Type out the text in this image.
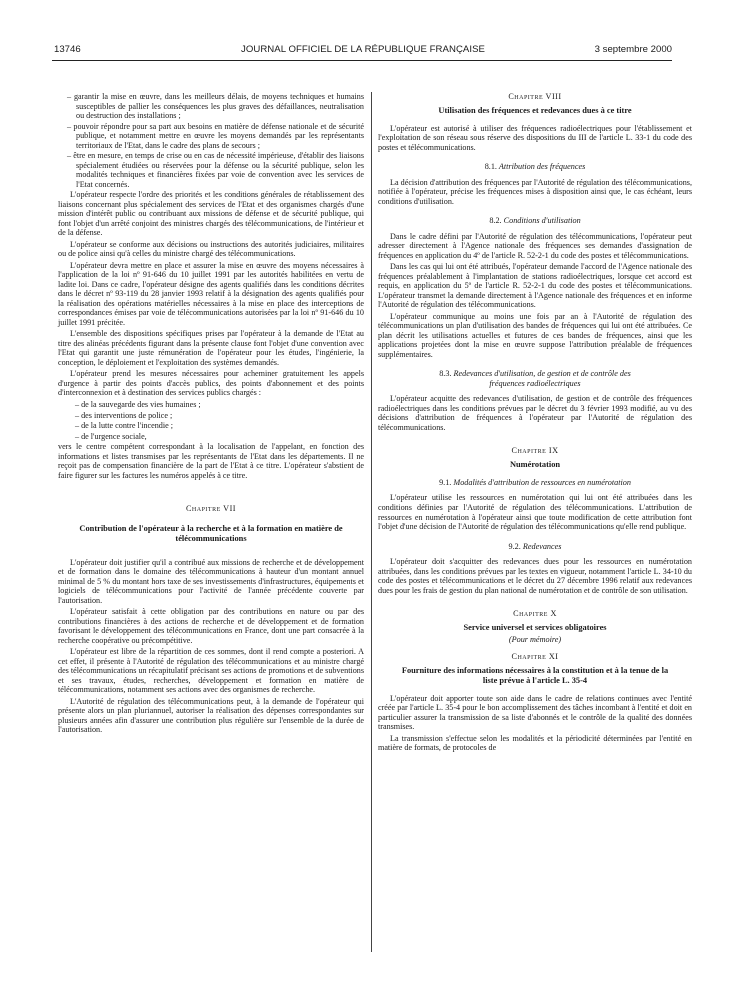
13746	JOURNAL OFFICIEL DE LA RÉPUBLIQUE FRANÇAISE	3 septembre 2000

– garantir la mise en œuvre, dans les meilleurs délais, de moyens techniques et humains susceptibles de pallier les conséquences les plus graves des défaillances, neutralisation ou destruction des installations ;

– pouvoir répondre pour sa part aux besoins en matière de défense nationale et de sécurité publique, et notamment mettre en œuvre les moyens demandés par les représentants territoriaux de l'Etat, dans le cadre des plans de secours ;

– être en mesure, en temps de crise ou en cas de nécessité impérieuse, d'établir des liaisons spécialement étudiées ou réservées pour la défense ou la sécurité publique, selon les modalités techniques et financières fixées par voie de convention avec les services de l'Etat concernés.

L'opérateur respecte l'ordre des priorités et les conditions générales de rétablissement des liaisons concernant plus spécialement des services de l'Etat et des organismes chargés d'une mission d'intérêt public ou contribuant aux missions de défense et de sécurité publique, qui font l'objet d'un arrêté conjoint des ministres chargés des télécommunications, de l'intérieur et de la défense.

L'opérateur se conforme aux décisions ou instructions des autorités judiciaires, militaires ou de police ainsi qu'à celles du ministre chargé des télécommunications.

L'opérateur devra mettre en place et assurer la mise en œuvre des moyens nécessaires à l'application de la loi nº 91-646 du 10 juillet 1991 par les autorités habilitées en vertu de ladite loi. Dans ce cadre, l'opérateur désigne des agents qualifiés dans les conditions décrites dans le décret nº 93-119 du 28 janvier 1993 relatif à la désignation des agents qualifiés pour la réalisation des opérations matérielles nécessaires à la mise en place des interceptions de correspondances émises par voie de télécommunications autorisées par la loi nº 91-646 du 10 juillet 1991 précitée.

L'ensemble des dispositions spécifiques prises par l'opérateur à la demande de l'Etat au titre des alinéas précédents figurant dans la présente clause font l'objet d'une convention avec l'Etat qui garantit une juste rémunération de l'opérateur pour les études, l'ingénierie, la conception, le déploiement et l'exploitation des systèmes demandés.

L'opérateur prend les mesures nécessaires pour acheminer gratuitement les appels d'urgence à partir des points d'accès publics, des points d'abonnement et des points d'interconnexion et à destination des services publics chargés :

– de la sauvegarde des vies humaines ;

– des interventions de police ;

– de la lutte contre l'incendie ;

– de l'urgence sociale,

vers le centre compétent correspondant à la localisation de l'appelant, en fonction des informations et listes transmises par les représentants de l'Etat dans les départements. Il ne reçoit pas de compensation financière de la part de l'Etat à ce titre. L'opérateur s'abstient de faire figurer sur les factures les numéros appelés à ce titre.

Chapitre VII

Contribution de l'opérateur à la recherche et à la formation en matière de télécommunications

L'opérateur doit justifier qu'il a contribué aux missions de recherche et de développement et de formation dans le domaine des télécommunications à hauteur d'un montant annuel minimal de 5 % du montant hors taxe de ses investissements d'infrastructures, équipements et logiciels de télécommunications pour l'activité de l'année précédente couverte par l'autorisation.

L'opérateur satisfait à cette obligation par des contributions en nature ou par des contributions financières à des actions de recherche et de développement et de formation favorisant le développement des télécommunications en France, dont une part consacrée à la recherche coopérative ou précompétitive.

L'opérateur est libre de la répartition de ces sommes, dont il rend compte a posteriori. A cet effet, il présente à l'Autorité de régulation des télécommunications et au ministre chargé des télécommunications un récapitulatif précisant ses actions de promotions et de subventions et ses travaux, études, recherches, développement et formation en matière de télécommunications, notamment ses actions avec des organismes de recherche.

L'Autorité de régulation des télécommunications peut, à la demande de l'opérateur qui présente alors un plan pluriannuel, autoriser la réalisation des dépenses correspondantes sur plusieurs années afin d'assurer une contribution plus régulière sur l'ensemble de la durée de l'autorisation.

Chapitre VIII

Utilisation des fréquences et redevances dues à ce titre

L'opérateur est autorisé à utiliser des fréquences radioélectriques pour l'établissement et l'exploitation de son réseau sous réserve des dispositions du III de l'article L. 33-1 du code des postes et télécommunications.

8.1. Attribution des fréquences

La décision d'attribution des fréquences par l'Autorité de régulation des télécommunications, notifiée à l'opérateur, précise les fréquences mises à disposition ainsi que, le cas échéant, leurs conditions d'utilisation.

8.2. Conditions d'utilisation

Dans le cadre défini par l'Autorité de régulation des télécommunications, l'opérateur peut adresser directement à l'Agence nationale des fréquences ses demandes d'assignation de fréquences en application du 4º de l'article R. 52-2-1 du code des postes et télécommunications.

Dans les cas qui lui ont été attribués, l'opérateur demande l'accord de l'Agence nationale des fréquences préalablement à l'implantation de stations radioélectriques, lorsque cet accord est requis, en application du 5º de l'article R. 52-2-1 du code des postes et télécommunications. L'opérateur transmet la demande directement à l'Agence nationale des fréquences et en informe l'Autorité de régulation des télécommunications.

L'opérateur communique au moins une fois par an à l'Autorité de régulation des télécommunications un plan d'utilisation des bandes de fréquences qui lui ont été attribuées. Ce plan décrit les utilisations actuelles et futures de ces bandes de fréquences, ainsi que les applications projetées dont la mise en œuvre suppose l'attribution préalable de fréquences supplémentaires.

8.3. Redevances d'utilisation, de gestion et de contrôle des fréquences radioélectriques

L'opérateur acquitte des redevances d'utilisation, de gestion et de contrôle des fréquences radioélectriques dans les conditions prévues par le décret du 3 février 1993 modifié, au vu des décisions d'attribution de fréquences à l'opérateur par l'Autorité de régulation des télécommunications.

Chapitre IX

Numérotation

9.1. Modalités d'attribution de ressources en numérotation

L'opérateur utilise les ressources en numérotation qui lui ont été attribuées dans les conditions définies par l'Autorité de régulation des télécommunications. L'attribution de ressources en numérotation à l'opérateur ainsi que toute modification de cette attribution font l'objet d'une décision de l'Autorité de régulation des télécommunications qu'elle rend publique.

9.2. Redevances

L'opérateur doit s'acquitter des redevances dues pour les ressources en numérotation attribuées, dans les conditions prévues par les textes en vigueur, notamment l'article L. 34-10 du code des postes et télécommunications et le décret du 27 décembre 1996 relatif aux redevances dues pour les frais de gestion du plan national de numérotation et de contrôle de son utilisation.

Chapitre X

Service universel et services obligatoires

(Pour mémoire)

Chapitre XI

Fourniture des informations nécessaires à la constitution et à la tenue de la liste prévue à l'article L. 35-4

L'opérateur doit apporter toute son aide dans le cadre de relations continues avec l'entité créée par l'article L. 35-4 pour le bon accomplissement des tâches incombant à l'entité et doit en particulier assurer la transmission de sa liste d'abonnés et le contrôle de la qualité des données transmises.

La transmission s'effectue selon les modalités et la périodicité déterminées par l'entité en matière de formats, de protocoles de
